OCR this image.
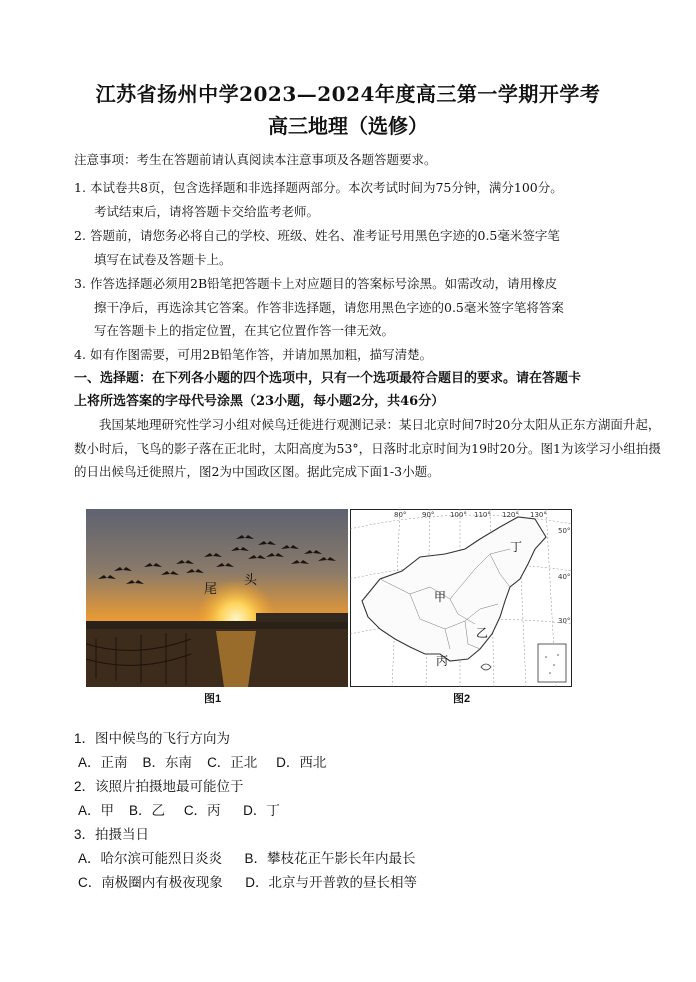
江苏省扬州中学2023—2024年度高三第一学期开学考
高三地理（选修）
注意事项：考生在答题前请认真阅读本注意事项及各题答题要求。
1. 本试卷共8页，包含选择题和非选择题两部分。本次考试时间为75分钟，满分100分。
考试结束后，请将答题卡交给监考老师。
2. 答题前，请您务必将自己的学校、班级、姓名、准考证号用黑色字迹的0.5毫米签字笔
填写在试卷及答题卡上。
3. 作答选择题必须用2B铅笔把答题卡上对应题目的答案标号涂黑。如需改动，请用橡皮
擦干净后，再选涂其它答案。作答非选择题，请您用黑色字迹的0.5毫米签字笔将答案
写在答题卡上的指定位置，在其它位置作答一律无效。
4. 如有作图需要，可用2B铅笔作答，并请加黑加粗，描写清楚。
一、选择题：在下列各小题的四个选项中，只有一个选项最符合题目的要求。请在答题卡
上将所选答案的字母代号涂黑（23小题，每小题2分，共46分）
我国某地理研究性学习小组对候鸟迁徙进行观测记录：某日北京时间7时20分太阳从正东方湖面升起，数小时后，飞鸟的影子落在正北时，太阳高度为53°，日落时北京时间为19时20分。图1为该学习小组拍摄的日出候鸟迁徙照片，图2为中国政区图。据此完成下面1-3小题。
尾
头
80° 90° 100° 110° 120° 130°
50°
40°
30°
甲
乙
丙
丁
图1	图2
1．图中候鸟的飞行方向为
A．正南 B．东南 C．正北 D．西北
2．该照片拍摄地最可能位于
A．甲 B．乙 C．丙 D．丁
3．拍摄当日
A．哈尔滨可能烈日炎炎 B．攀枝花正午影长年内最长
C．南极圈内有极夜现象 D．北京与开普敦的昼长相等
